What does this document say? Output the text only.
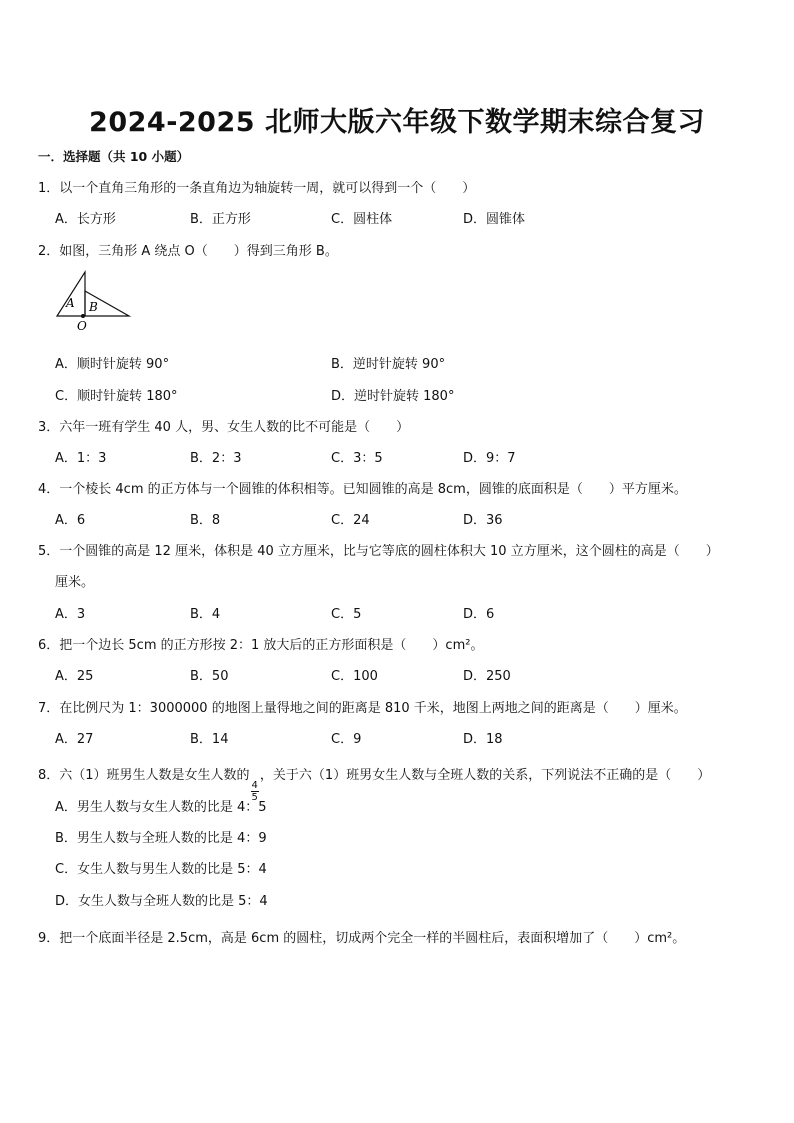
2024-2025 北师大版六年级下数学期末综合复习
一．选择题（共 10 小题）
1．以一个直角三角形的一条直角边为轴旋转一周，就可以得到一个（　　）
A．长方形	B．正方形	C．圆柱体	D．圆锥体
2．如图，三角形 A 绕点 O（　　）得到三角形 B。
A B
O
A．顺时针旋转 90°	B．逆时针旋转 90°
C．顺时针旋转 180°	D．逆时针旋转 180°
3．六年一班有学生 40 人，男、女生人数的比不可能是（　　）
A．1：3	B．2：3	C．3：5	D．9：7
4．一个棱长 4cm 的正方体与一个圆锥的体积相等。已知圆锥的高是 8cm，圆锥的底面积是（　　）平方厘米。
A．6	B．8	C．24	D．36
5．一个圆锥的高是 12 厘米，体积是 40 立方厘米，比与它等底的圆柱体积大 10 立方厘米，这个圆柱的高是（　　）
厘米。
A．3	B．4	C．5	D．6
6．把一个边长 5cm 的正方形按 2：1 放大后的正方形面积是（　　）cm²。
A．25	B．50	C．100	D．250
7．在比例尺为 1：3000000 的地图上量得地之间的距离是 810 千米，地图上两地之间的距离是（　　）厘米。
A．27	B．14	C．9	D．18
8．六（1）班男生人数是女生人数的
$\frac{4}{5}$
，关于六（1）班男女生人数与全班人数的关系，下列说法不正确的是（　　）
A．男生人数与女生人数的比是 4：5
B．男生人数与全班人数的比是 4：9
C．女生人数与男生人数的比是 5：4
D．女生人数与全班人数的比是 5：4
9．把一个底面半径是 2.5cm，高是 6cm 的圆柱，切成两个完全一样的半圆柱后，表面积增加了（　　）cm²。
